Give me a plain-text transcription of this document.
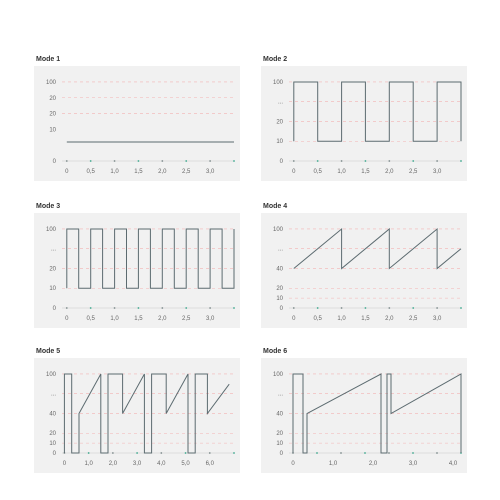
Mode 1
100
20
20
10
0
0	0,5	1,0	1,5	2,0	2,5	3,0
Mode 2
100
...
20
10
0
0	0,5	1,0	1,5	2,0	2,5	3,0
Mode 3
100
...
20
10
0
0	0,5	1,0	1,5	2,0	2,5	3,0
Mode 4
100
...
40
20
10
0
0	0,5	1,0	1,5	2,0	2,5	3,0
Mode 5
100
...
40
20
10
0
0	1,0	2,0	3,0	4,0	5,0	6,0
Mode 6
100
...
40
20
10
0
0	1,0	2,0	3,0	4,0
